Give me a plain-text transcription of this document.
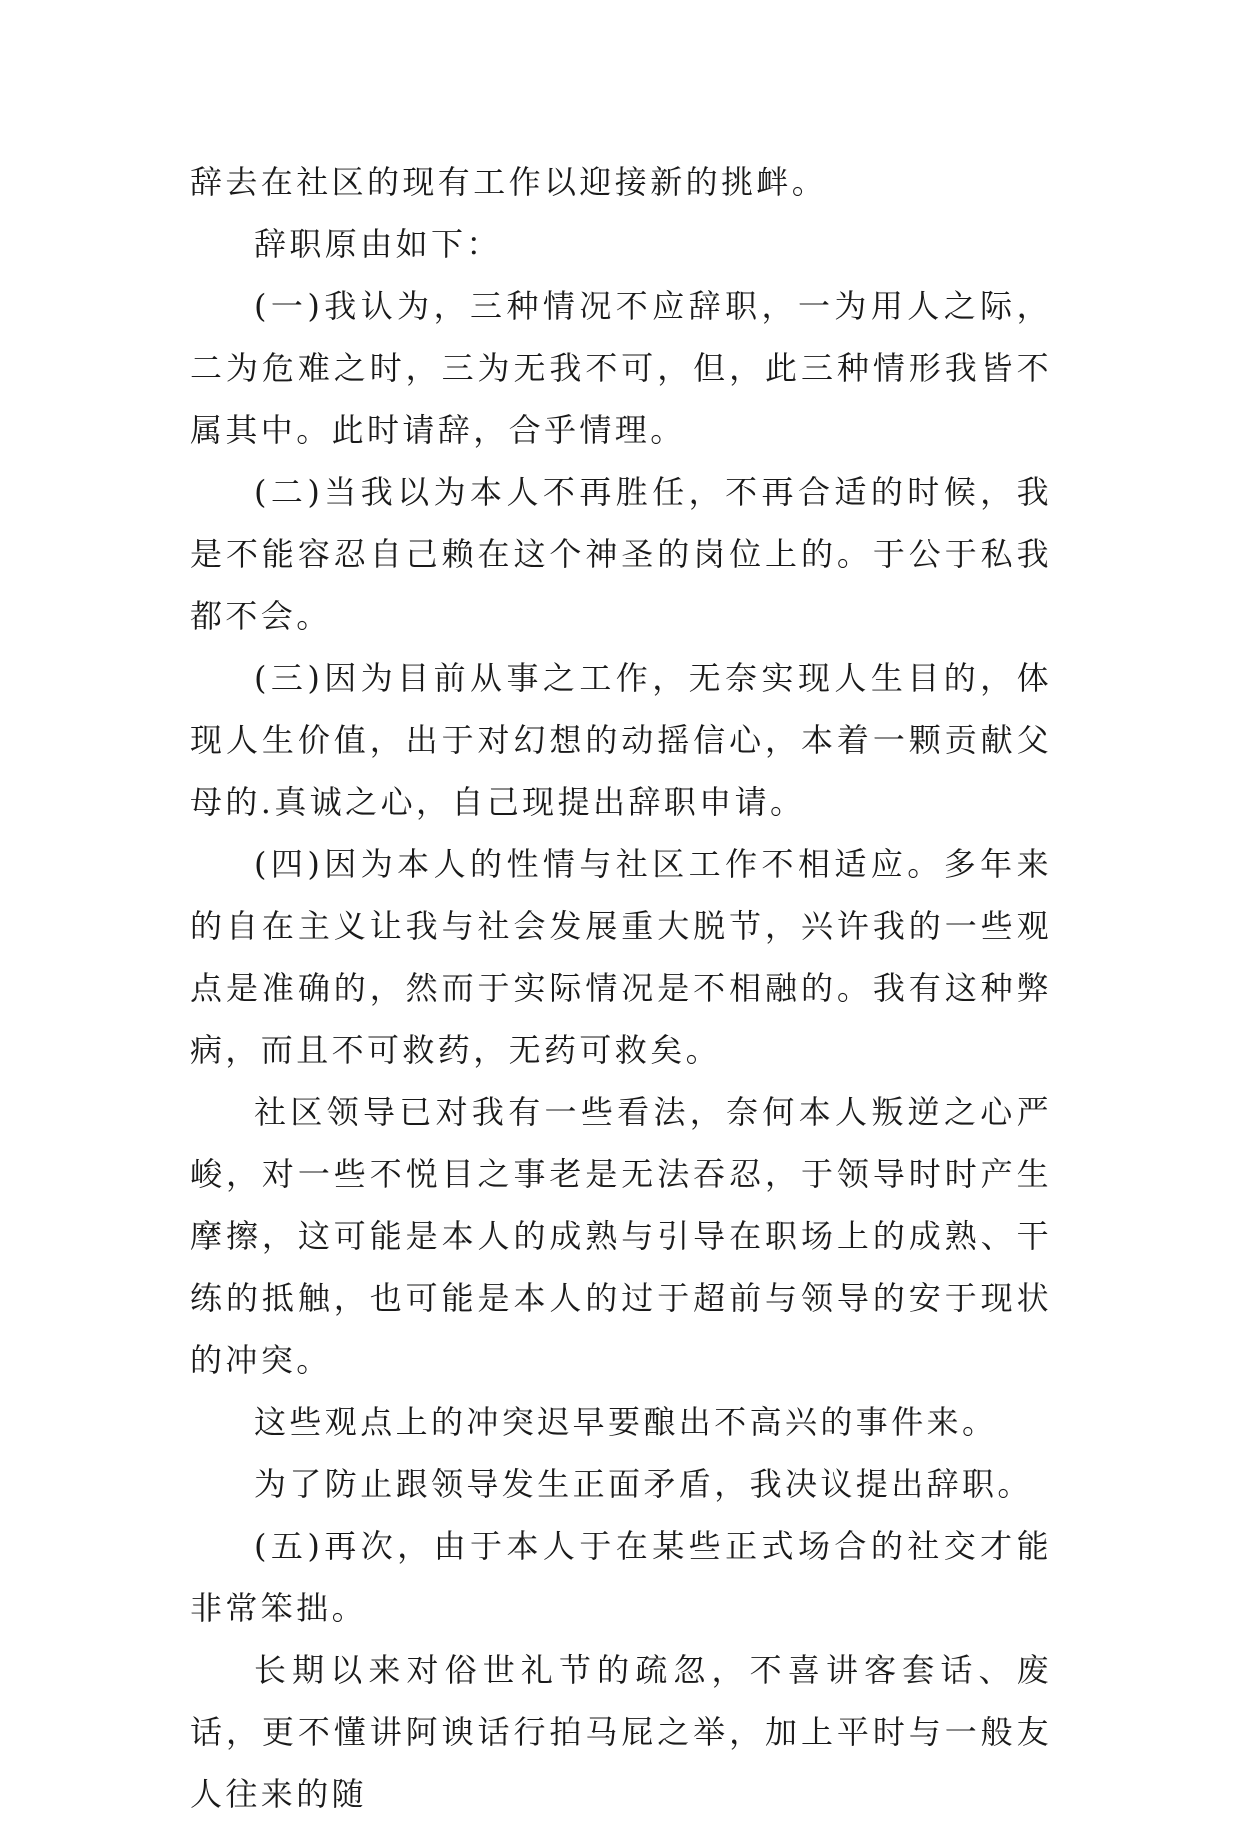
辞去在社区的现有工作以迎接新的挑衅。

辞职原由如下：

(一)我认为，三种情况不应辞职，一为用人之际，二为危难之时，三为无我不可，但，此三种情形我皆不属其中。此时请辞，合乎情理。

(二)当我以为本人不再胜任，不再合适的时候，我是不能容忍自己赖在这个神圣的岗位上的。于公于私我都不会。

(三)因为目前从事之工作，无奈实现人生目的，体现人生价值，出于对幻想的动摇信心，本着一颗贡献父母的.真诚之心，自己现提出辞职申请。

(四)因为本人的性情与社区工作不相适应。多年来的自在主义让我与社会发展重大脱节，兴许我的一些观点是准确的，然而于实际情况是不相融的。我有这种弊病，而且不可救药，无药可救矣。

社区领导已对我有一些看法，奈何本人叛逆之心严峻，对一些不悦目之事老是无法吞忍，于领导时时产生摩擦，这可能是本人的成熟与引导在职场上的成熟、干练的抵触，也可能是本人的过于超前与领导的安于现状的冲突。

这些观点上的冲突迟早要酿出不高兴的事件来。

为了防止跟领导发生正面矛盾，我决议提出辞职。

(五)再次，由于本人于在某些正式场合的社交才能非常笨拙。

长期以来对俗世礼节的疏忽，不喜讲客套话、废话，更不懂讲阿谀话行拍马屁之举，加上平时与一般友人往来的随
